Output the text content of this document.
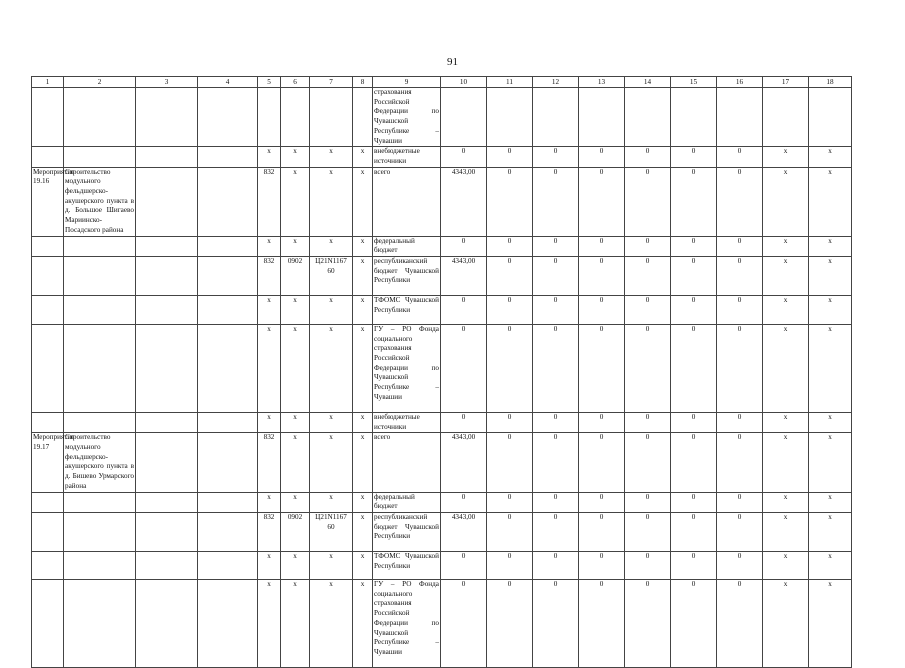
91
1	2	3	4	5	6	7	8	9	10	11	12	13	14	15	16	17	18
								страхования Российской Федерации по Чувашской Республике – Чувашии									
				x	x	x	x	внебюджетные источники	0	0	0	0	0	0	0	x	x
Мероприятие 19.16	Строительство модульного фельдшерско-акушерского пункта в д. Большое Шигаево Мариинско-Посадского района			832	x	x	x	всего	4343,00	0	0	0	0	0	0	x	x
				x	x	x	x	федеральный бюджет	0	0	0	0	0	0	0	x	x
				832	0902	Ц21N1167 60	x	республиканский бюджет Чувашской Республики	4343,00	0	0	0	0	0	0	x	x
				x	x	x	x	ТФОМС Чувашской Республики	0	0	0	0	0	0	0	x	x
				x	x	x	x	ГУ – РО Фонда социального страхования Российской Федерации по Чувашской Республике – Чувашии	0	0	0	0	0	0	0	x	x
				x	x	x	x	внебюджетные источники	0	0	0	0	0	0	0	x	x
Мероприятие 19.17	Строительство модульного фельдшерско-акушерского пункта в д. Бишево Урмарского района			832	x	x	x	всего	4343,00	0	0	0	0	0	0	x	x
				x	x	x	x	федеральный бюджет	0	0	0	0	0	0	0	x	x
				832	0902	Ц21N1167 60	x	республиканский бюджет Чувашской Республики	4343,00	0	0	0	0	0	0	x	x
				x	x	x	x	ТФОМС Чувашской Республики	0	0	0	0	0	0	0	x	x
				x	x	x	x	ГУ – РО Фонда социального страхования Российской Федерации по Чувашской Республике – Чувашии	0	0	0	0	0	0	0	x	x
